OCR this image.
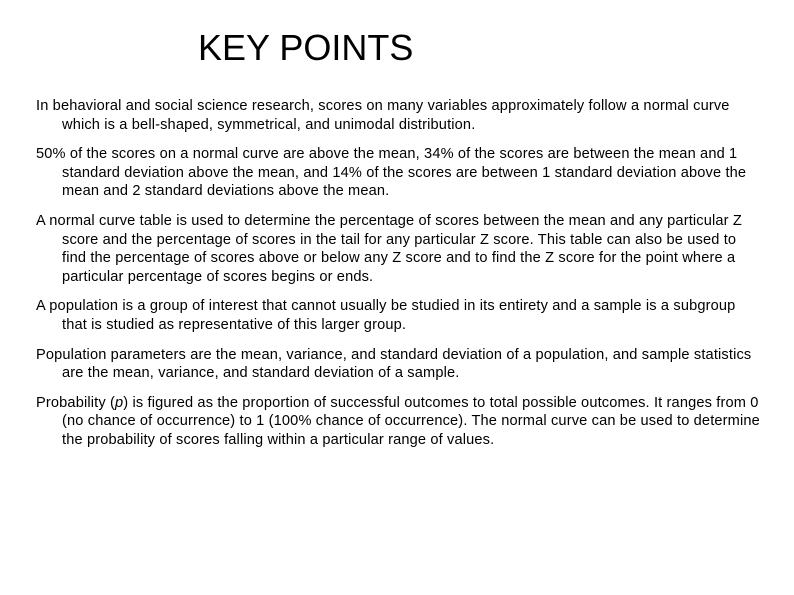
KEY POINTS
In behavioral and social science research, scores on many variables approximately follow a normal curve which is a bell-shaped, symmetrical, and unimodal distribution.
50% of the scores on a normal curve are above the mean, 34% of the scores are between the mean and 1 standard deviation above the mean, and 14% of the scores are between 1 standard deviation above the mean and 2 standard deviations above the mean.
A normal curve table is used to determine the percentage of scores between the mean and any particular Z score and the percentage of scores in the tail for any particular Z score. This table can also be used to find the percentage of scores above or below any Z score and to find the Z score for the point where a particular percentage of scores begins or ends.
A population is a group of interest that cannot usually be studied in its entirety and a sample is a subgroup that is studied as representative of this larger group.
Population parameters are the mean, variance, and standard deviation of a population, and sample statistics are the mean, variance, and standard deviation of a sample.
Probability (p) is figured as the proportion of successful outcomes to total possible outcomes. It ranges from 0 (no chance of occurrence) to 1 (100% chance of occurrence). The normal curve can be used to determine the probability of scores falling within a particular range of values.
